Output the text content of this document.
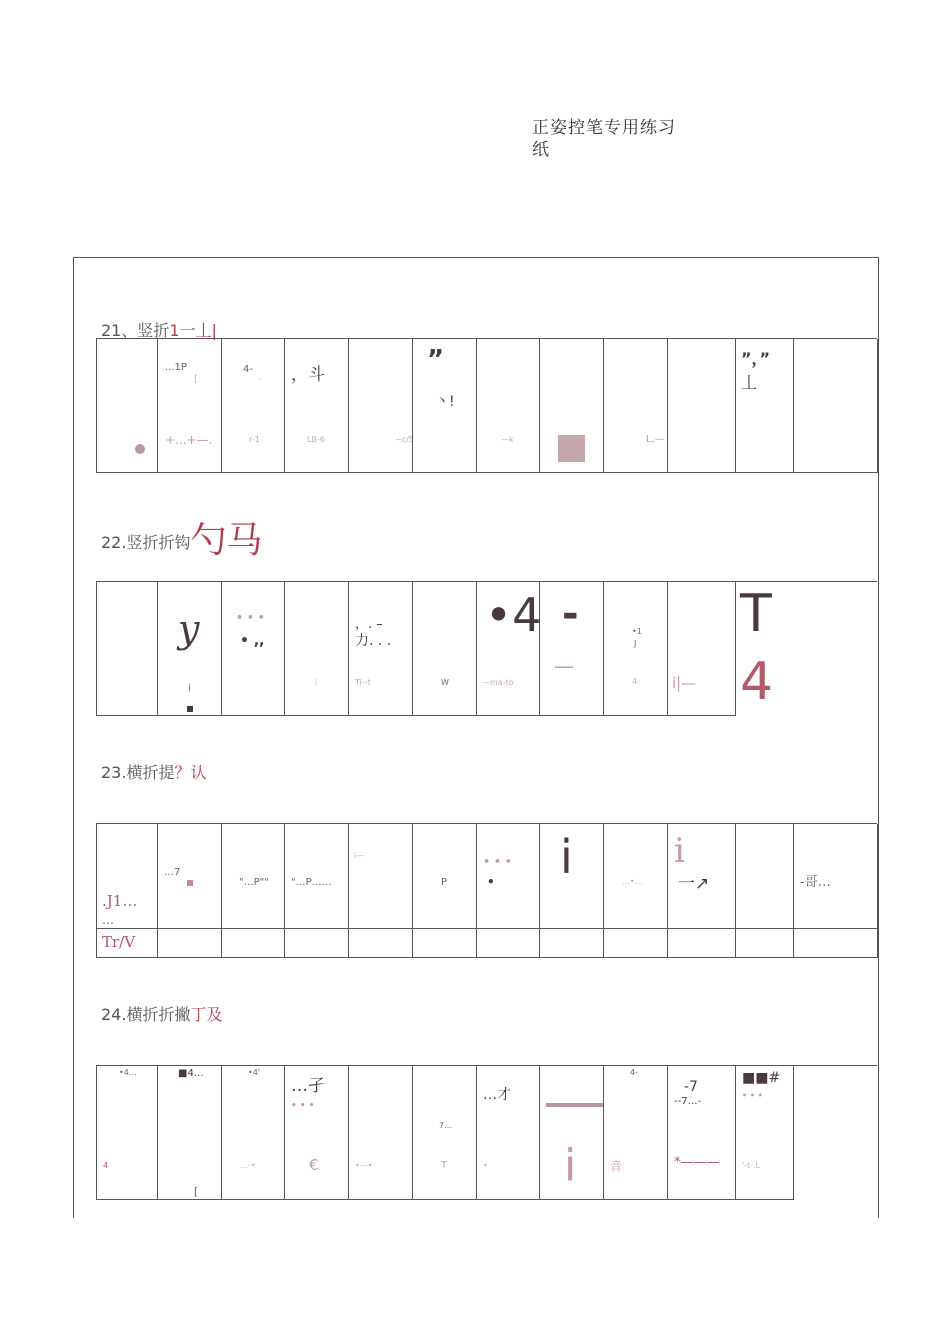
正姿控笔专用练习纸
21、竖折1一丄|
22.竖折折钩勺马
23.横折提？认
24.横折折撇丁及
...1P
[
+...+—.
4-
··
r-1
，斗
LB-6	~c/5
”
丶!
—k	L,—
”，”
丄
y
i
• • •
• ,,
i
，. –
力. . .
Ti--t	W
•4
—ma-to
-
—
•1
J
4 i|—
T
4
.J1…
…
…7
"…P"" "…P……
i—
P
• • •
• i	…•…
i
一↗	-哥…
Tr/V
•4…
4
■4…
[
•4'
…-•
…孑
• • •
€	•—•
7…
T
…才
• i
4-
音
-7
--7…-
*———
■■#
• • •
'-t-.L
